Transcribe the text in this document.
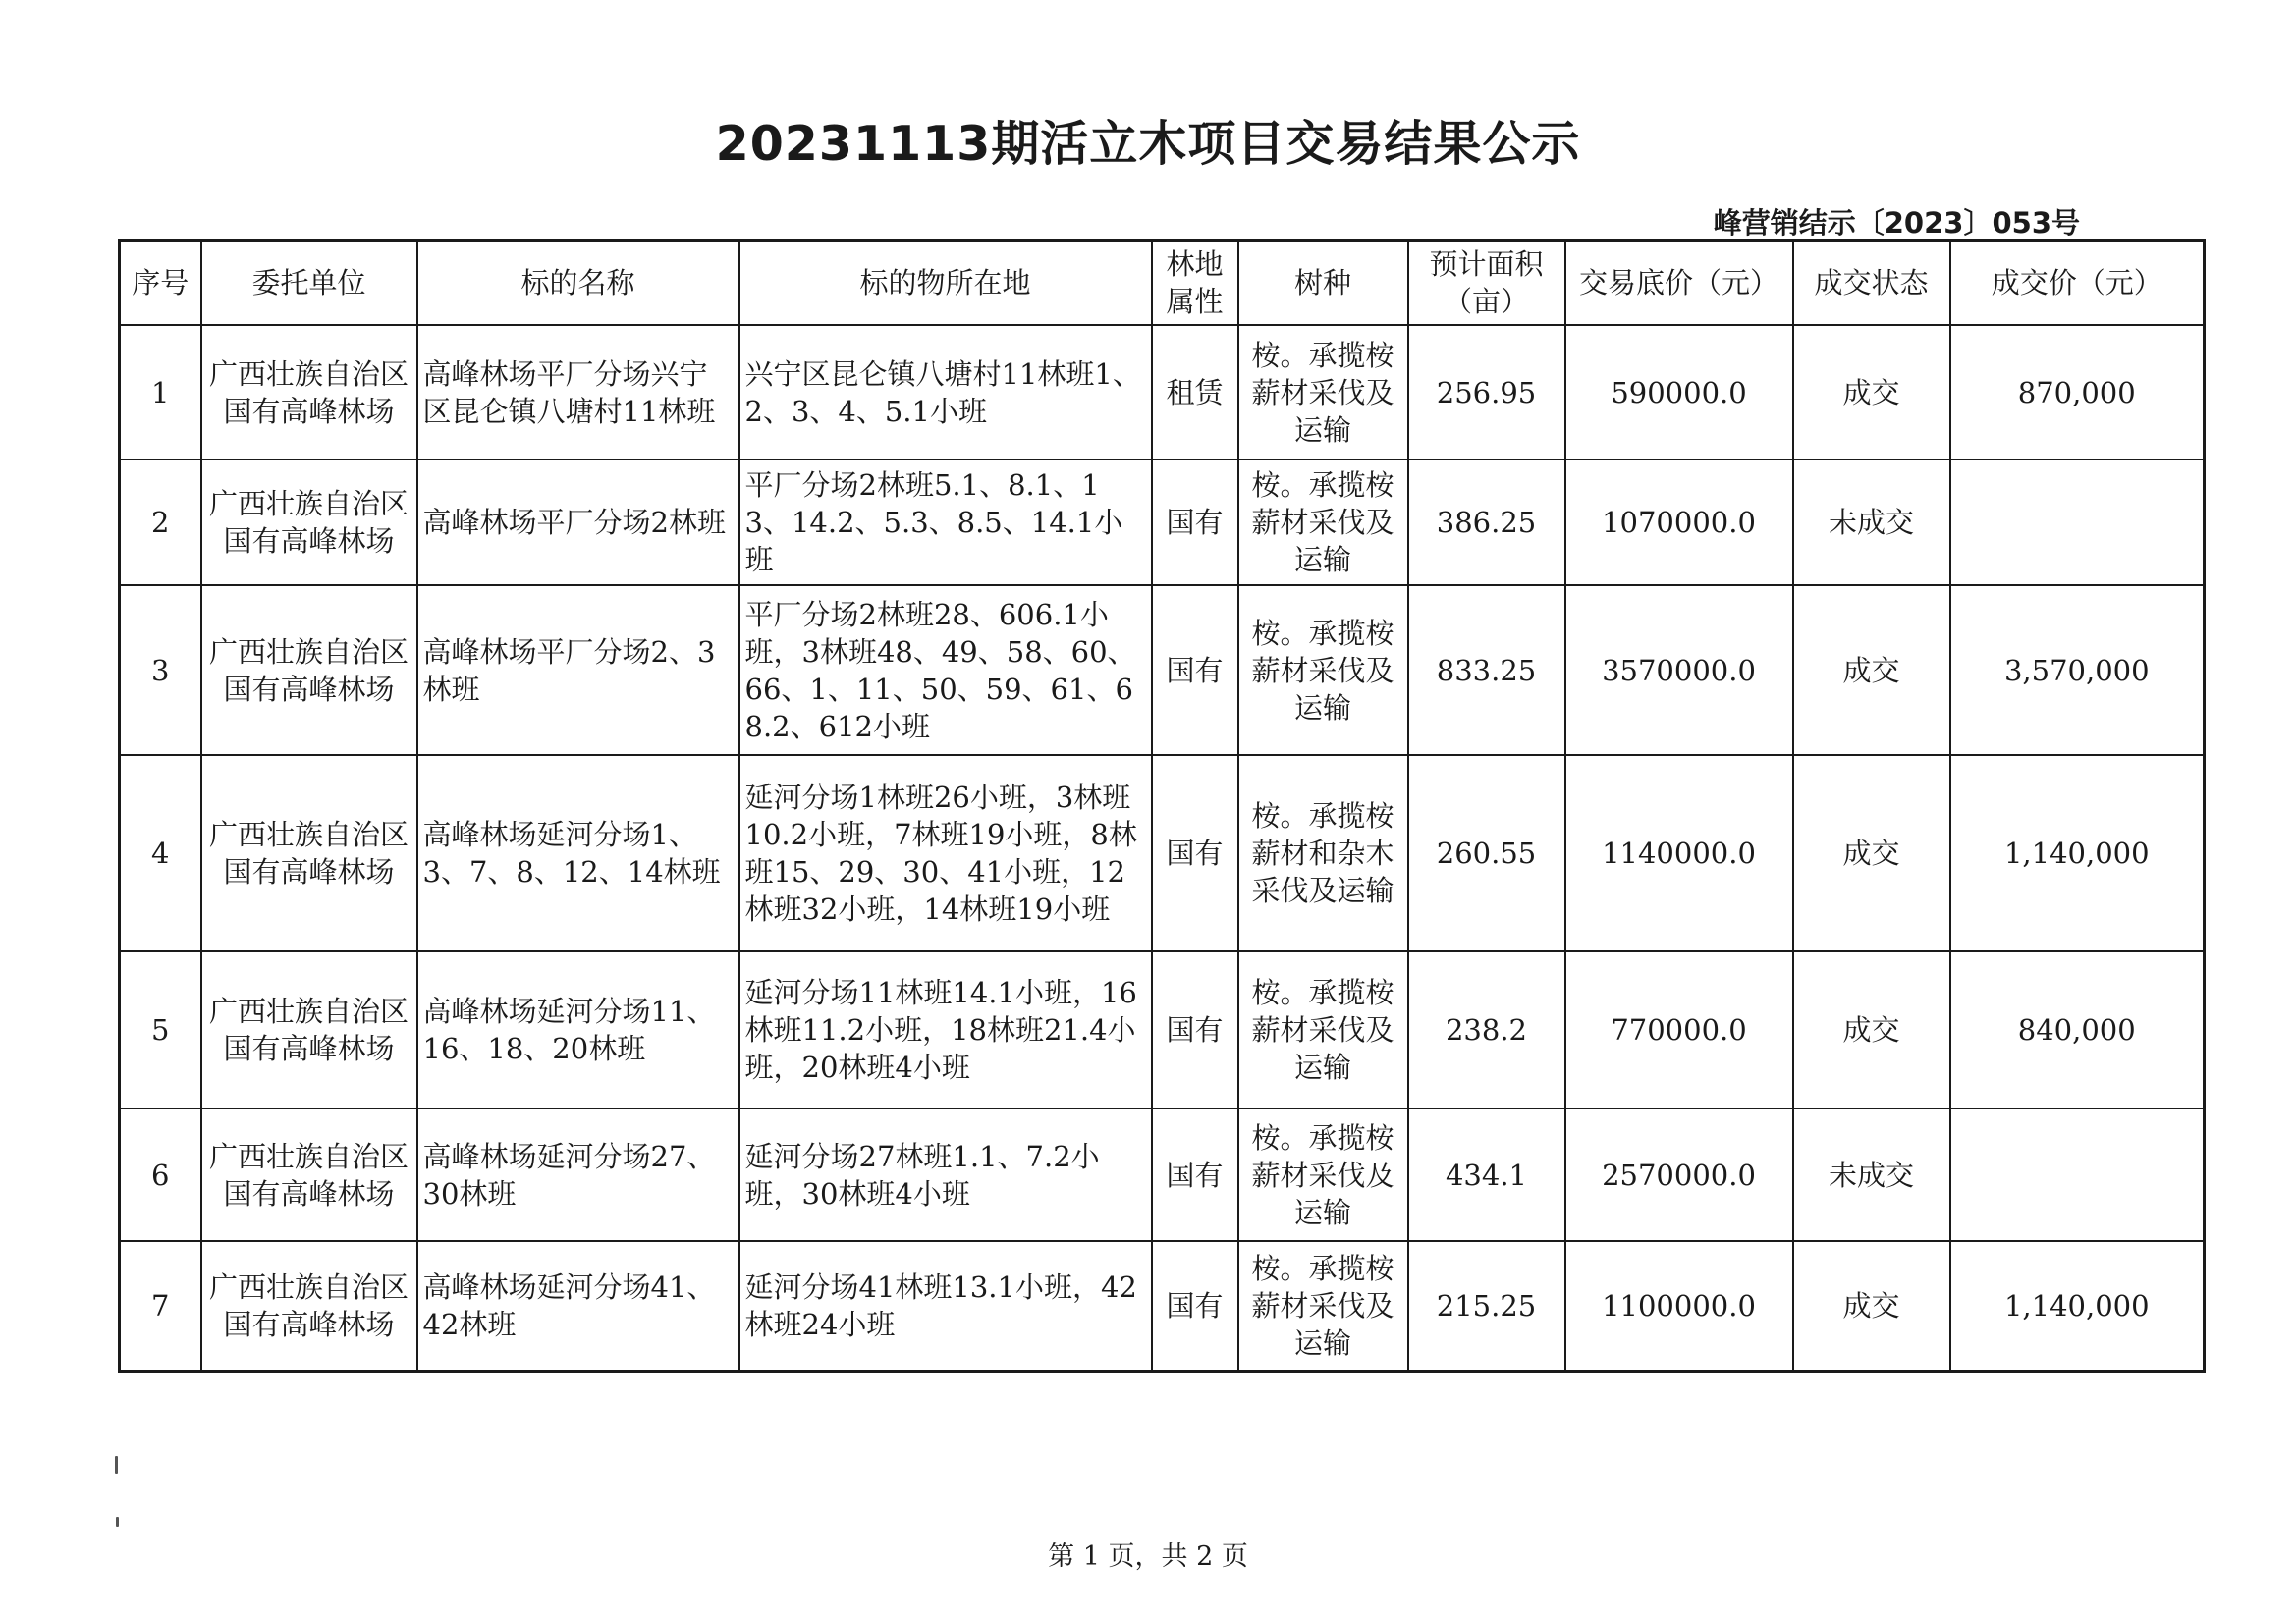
20231113期活立木项目交易结果公示
峰营销结示〔2023〕053号
序号	委托单位	标的名称	标的物所在地	林地属性	树种	预计面积（亩）	交易底价（元）	成交状态	成交价（元）
1	广西壮族自治区国有高峰林场	高峰林场平厂分场兴宁区昆仑镇八塘村11林班	兴宁区昆仑镇八塘村11林班1、2、3、4、5.1小班	租赁	桉。承揽桉薪材采伐及运输	256.95	590000.0	成交	870,000
2	广西壮族自治区国有高峰林场	高峰林场平厂分场2林班	平厂分场2林班5.1、8.1、13、14.2、5.3、8.5、14.1小班	国有	桉。承揽桉薪材采伐及运输	386.25	1070000.0	未成交	
3	广西壮族自治区国有高峰林场	高峰林场平厂分场2、3林班	平厂分场2林班28、606.1小班，3林班48、49、58、60、66、1、11、50、59、61、68.2、612小班	国有	桉。承揽桉薪材采伐及运输	833.25	3570000.0	成交	3,570,000
4	广西壮族自治区国有高峰林场	高峰林场延河分场1、3、7、8、12、14林班	延河分场1林班26小班，3林班10.2小班，7林班19小班，8林班15、29、30、41小班，12林班32小班，14林班19小班	国有	桉。承揽桉薪材和杂木采伐及运输	260.55	1140000.0	成交	1,140,000
5	广西壮族自治区国有高峰林场	高峰林场延河分场11、16、18、20林班	延河分场11林班14.1小班，16林班11.2小班，18林班21.4小班，20林班4小班	国有	桉。承揽桉薪材采伐及运输	238.2	770000.0	成交	840,000
6	广西壮族自治区国有高峰林场	高峰林场延河分场27、30林班	延河分场27林班1.1、7.2小班，30林班4小班	国有	桉。承揽桉薪材采伐及运输	434.1	2570000.0	未成交	
7	广西壮族自治区国有高峰林场	高峰林场延河分场41、42林班	延河分场41林班13.1小班，42林班24小班	国有	桉。承揽桉薪材采伐及运输	215.25	1100000.0	成交	1,140,000
第 1 页，共 2 页
